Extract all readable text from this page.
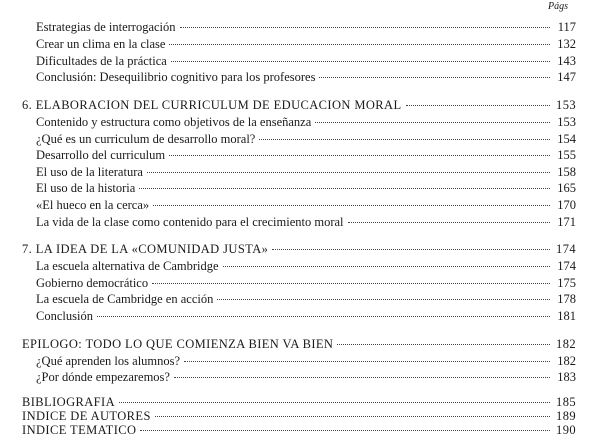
Págs
Estrategias de interrogación	117
Crear un clima en la clase	132
Dificultades de la práctica	143
Conclusión: Desequilibrio cognitivo para los profesores	147
6. ELABORACION DEL CURRICULUM DE EDUCACION MORAL	153
Contenido y estructura como objetivos de la enseñanza	153
¿Qué es un curriculum de desarrollo moral?	154
Desarrollo del curriculum	155
El uso de la literatura	158
El uso de la historia	165
«El hueco en la cerca»	170
La vida de la clase como contenido para el crecimiento moral	171
7. LA IDEA DE LA «COMUNIDAD JUSTA»	174
La escuela alternativa de Cambridge	174
Gobierno democrático	175
La escuela de Cambridge en acción	178
Conclusión	181
EPILOGO: TODO LO QUE COMIENZA BIEN VA BIEN	182
¿Qué aprenden los alumnos?	182
¿Por dónde empezaremos?	183
BIBLIOGRAFIA	185
INDICE DE AUTORES	189
INDICE TEMATICO	190
